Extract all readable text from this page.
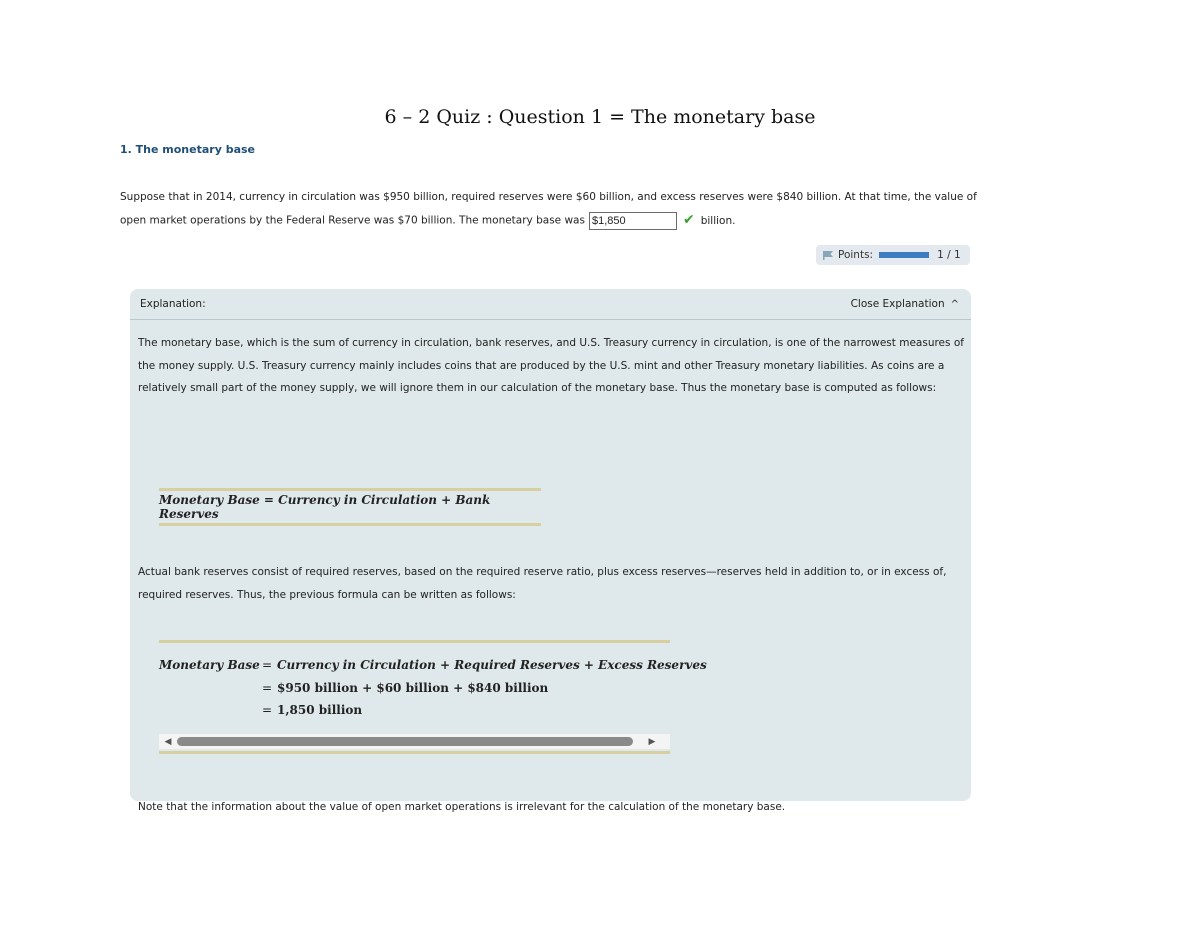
6 – 2 Quiz : Question 1 = The monetary base
1. The monetary base
Suppose that in 2014, currency in circulation was $950 billion, required reserves were $60 billion, and excess reserves were $840 billion. At that time, the value of open market operations by the Federal Reserve was $70 billion. The monetary base was $1,850	✔ billion.
Points:	1 / 1
Explanation:	Close Explanation ^

The monetary base, which is the sum of currency in circulation, bank reserves, and U.S. Treasury currency in circulation, is one of the narrowest measures of the money supply. U.S. Treasury currency mainly includes coins that are produced by the U.S. mint and other Treasury monetary liabilities. As coins are a relatively small part of the money supply, we will ignore them in our calculation of the monetary base. Thus the monetary base is computed as follows:

Monetary Base = Currency in Circulation + Bank Reserves

Actual bank reserves consist of required reserves, based on the required reserve ratio, plus excess reserves—reserves held in addition to, or in excess of, required reserves. Thus, the previous formula can be written as follows:

Monetary Base = Currency in Circulation + Required Reserves + Excess Reserves
= $950 billion + $60 billion + $840 billion
= 1,850 billion
◀	▶

Note that the information about the value of open market operations is irrelevant for the calculation of the monetary base.
